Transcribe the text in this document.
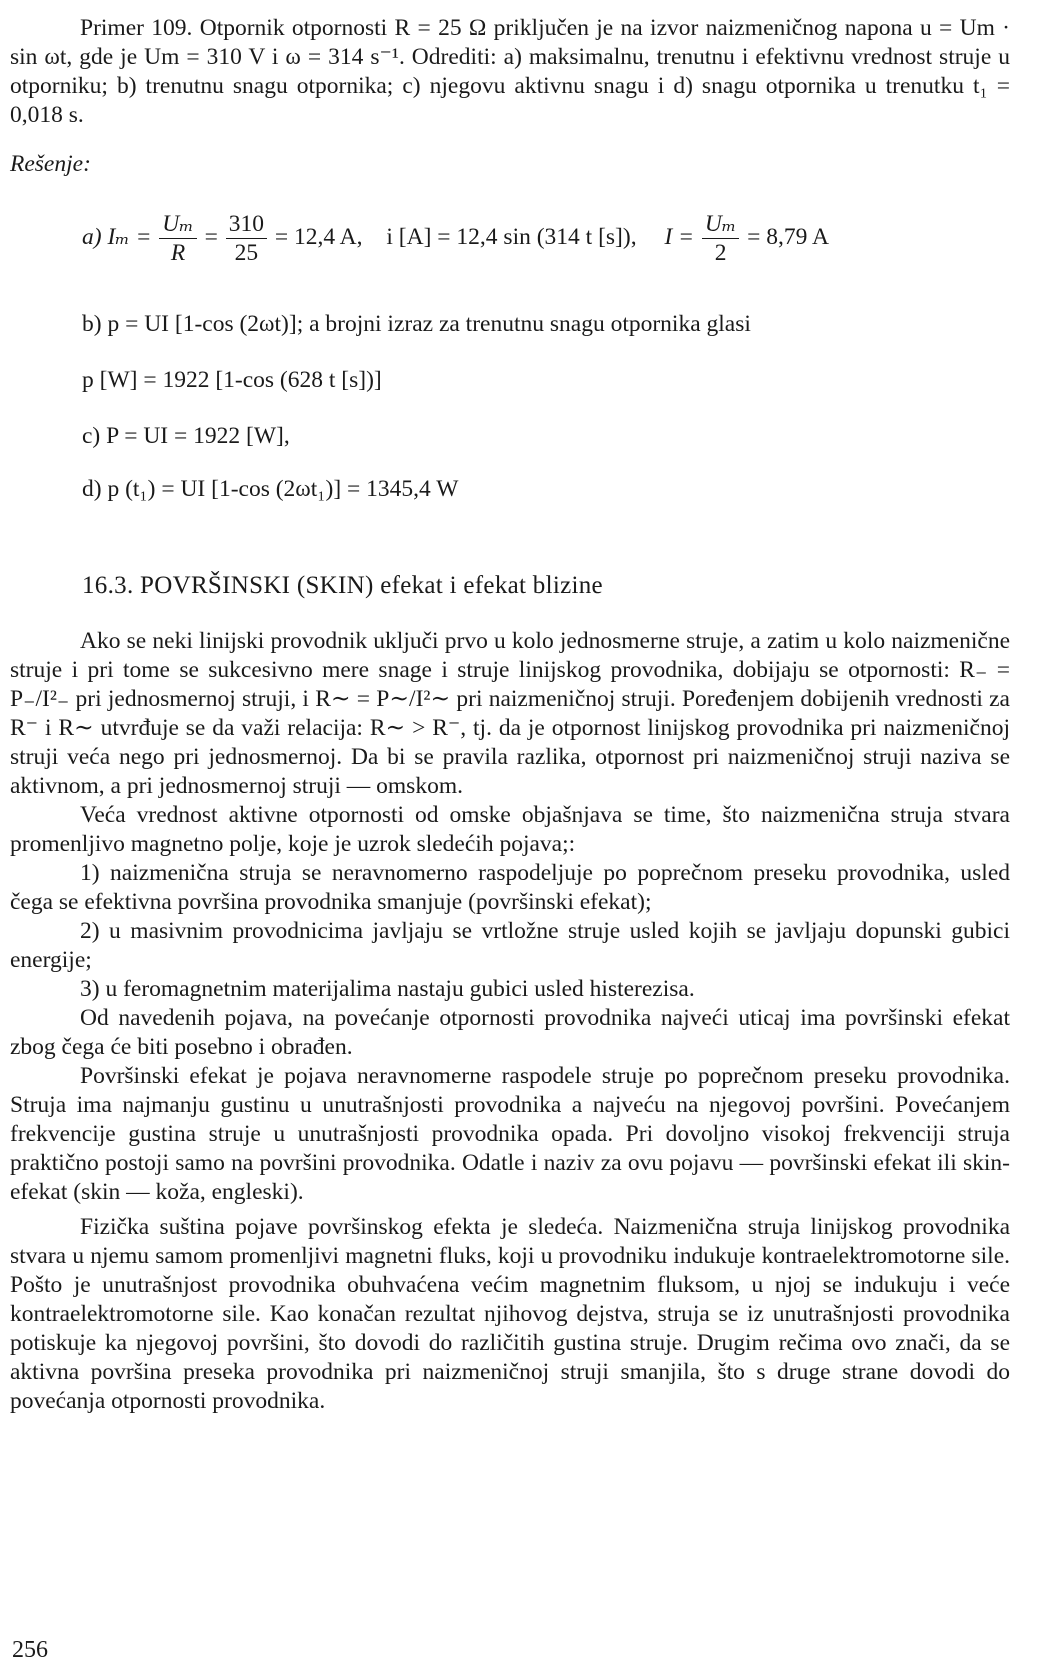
Primer 109. Otpornik otpornosti R = 25 Ω priključen je na izvor naizmeničnog napona u = Um · sin ωt, gde je Um = 310 V i ω = 314 s⁻¹. Odrediti: a) maksimalnu, trenutnu i efektivnu vrednost struje u otporniku; b) trenutnu snagu otpornika; c) njegovu aktivnu snagu i d) snagu otpornika u trenutku t₁ = 0,018 s.

Rešenje:
a) $I_m = \frac{\text{Uₘ}}{R} = \frac{310}{25} = 12,4$ A, i [A] = 12,4 sin (314 t [s]), $I = \frac{\text{Uₘ}}{2} = 8,79$ A
b) p = UI [1-cos (2ωt)]; a brojni izraz za trenutnu snagu otpornika glasi
p [W] = 1922 [1-cos (628 t [s])]
c) P = UI = 1922 [W],
d) p (t₁) = UI [1-cos (2ωt₁)] = 1345,4 W
16.3. POVRŠINSKI (SKIN) efekat i efekat blizine

Ako se neki linijski provodnik uključi prvo u kolo jednosmerne struje, a zatim u kolo naizmenične struje i pri tome se sukcesivno mere snage i struje linijskog provodnika, dobijaju se otpornosti: R₋ = P₋/I²₋ pri jednosmernoj struji, i R∼ = P∼/I²∼ pri naizmeničnoj struji. Poređenjem dobijenih vrednosti za R⁻ i R∼ utvrđuje se da važi relacija: R∼ > R⁻, tj. da je otpornost linijskog provodnika pri naizmeničnoj struji veća nego pri jednosmernoj. Da bi se pravila razlika, otpornost pri naizmeničnoj struji naziva se aktivnom, a pri jednosmernoj struji — omskom.

Veća vrednost aktivne otpornosti od omske objašnjava se time, što naizmenična struja stvara promenljivo magnetno polje, koje je uzrok sledećih pojava;:

1) naizmenična struja se neravnomerno raspodeljuje po poprečnom preseku provodnika, usled čega se efektivna površina provodnika smanjuje (površinski efekat);

2) u masivnim provodnicima javljaju se vrtložne struje usled kojih se javljaju dopunski gubici energije;

3) u feromagnetnim materijalima nastaju gubici usled histerezisa.

Od navedenih pojava, na povećanje otpornosti provodnika najveći uticaj ima površinski efekat zbog čega će biti posebno i obrađen.

Površinski efekat je pojava neravnomerne raspodele struje po poprečnom preseku provodnika. Struja ima najmanju gustinu u unutrašnjosti provodnika a najveću na njegovoj površini. Povećanjem frekvencije gustina struje u unutrašnjosti provodnika opada. Pri dovoljno visokoj frekvenciji struja praktično postoji samo na površini provodnika. Odatle i naziv za ovu pojavu — površinski efekat ili skin-efekat (skin — koža, engleski).

Fizička suština pojave površinskog efekta je sledeća. Naizmenična struja linijskog provodnika stvara u njemu samom promenljivi magnetni fluks, koji u provodniku indukuje kontraelektromotorne sile. Pošto je unutrašnjost provodnika obuhvaćena većim magnetnim fluksom, u njoj se indukuju i veće kontraelektromotorne sile. Kao konačan rezultat njihovog dejstva, struja se iz unutrašnjosti provodnika potiskuje ka njegovoj površini, što dovodi do različitih gustina struje. Drugim rečima ovo znači, da se aktivna površina preseka provodnika pri naizmeničnoj struji smanjila, što s druge strane dovodi do povećanja otpornosti provodnika.

256
